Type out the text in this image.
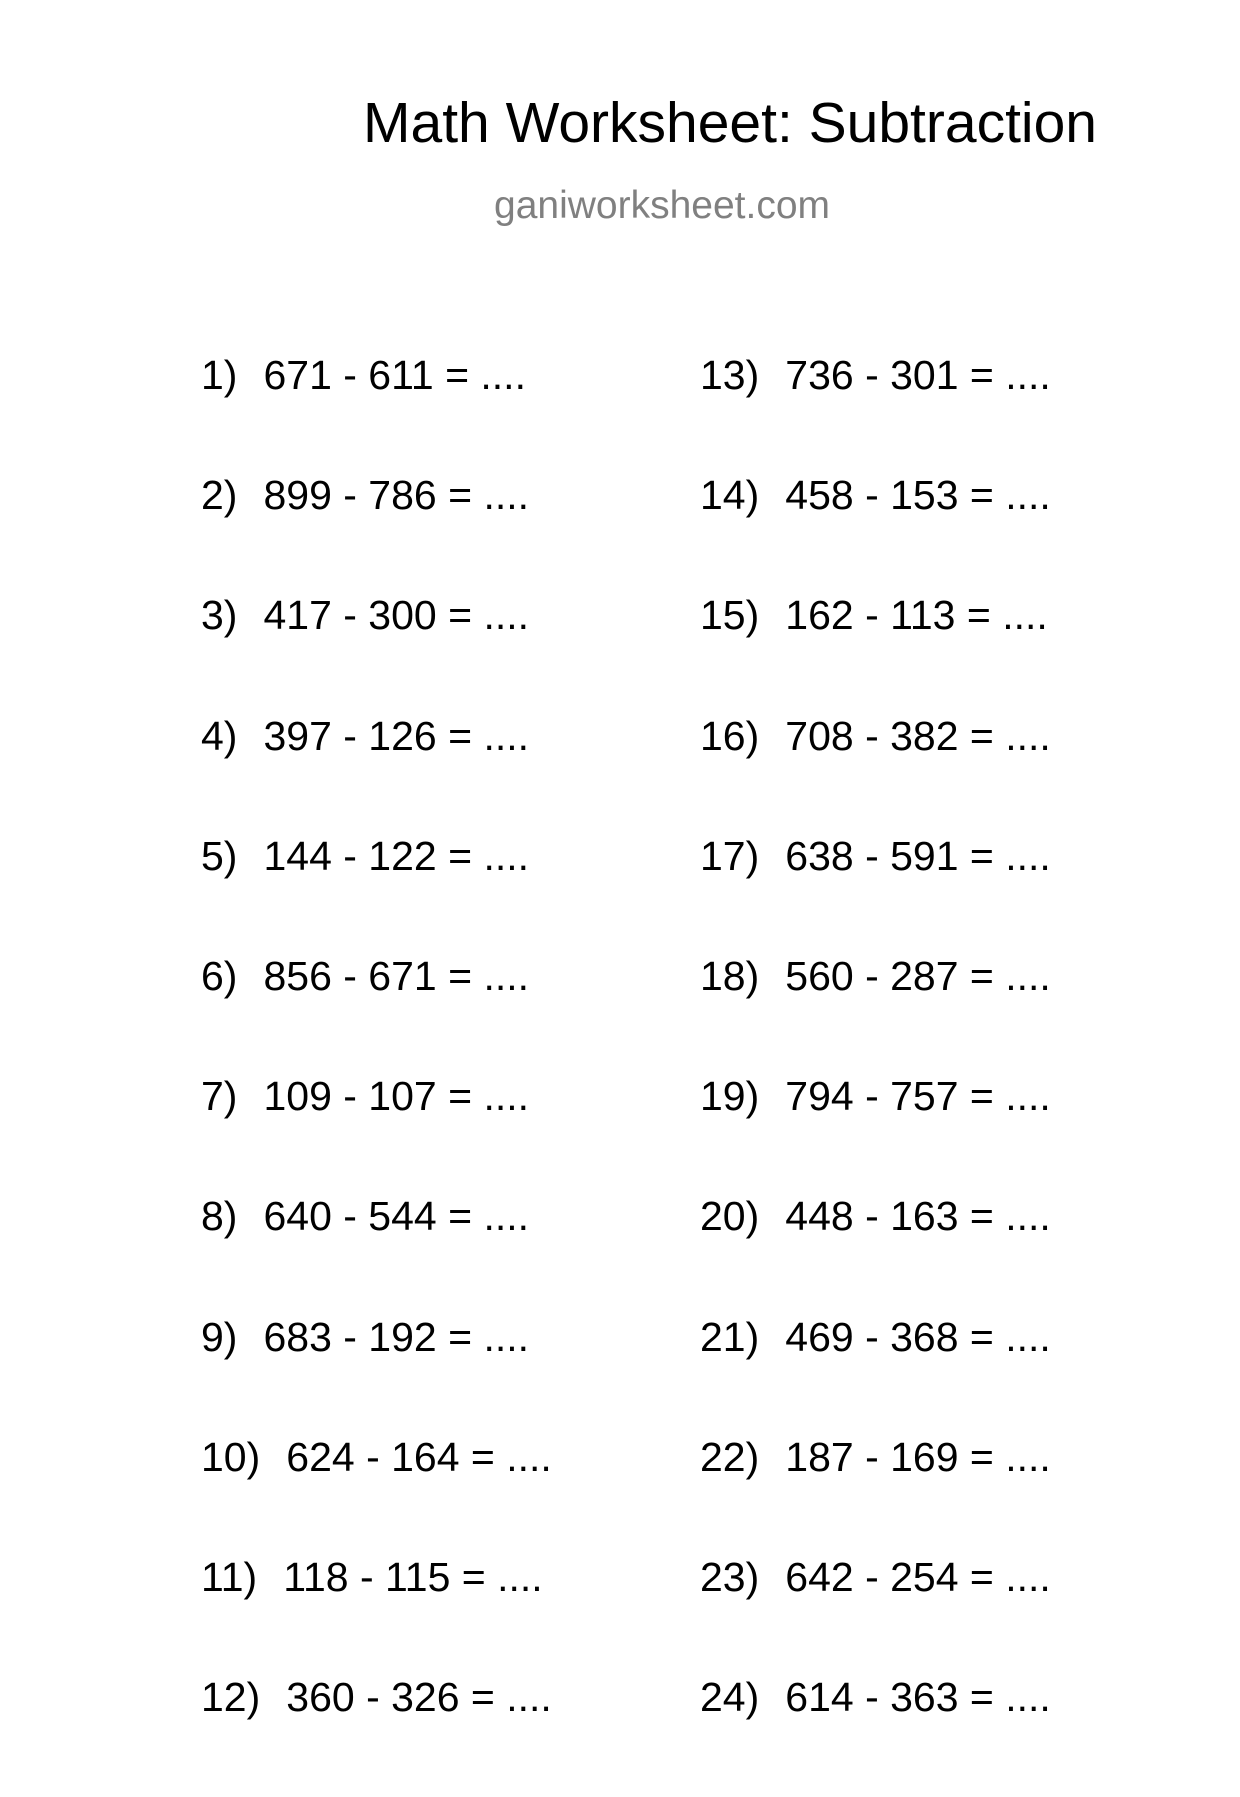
Math Worksheet: Subtraction
ganiworksheet.com
1) 671 - 611 = ....
2) 899 - 786 = ....
3) 417 - 300 = ....
4) 397 - 126 = ....
5) 144 - 122 = ....
6) 856 - 671 = ....
7) 109 - 107 = ....
8) 640 - 544 = ....
9) 683 - 192 = ....
10) 624 - 164 = ....
11) 118 - 115 = ....
12) 360 - 326 = ....
13) 736 - 301 = ....
14) 458 - 153 = ....
15) 162 - 113 = ....
16) 708 - 382 = ....
17) 638 - 591 = ....
18) 560 - 287 = ....
19) 794 - 757 = ....
20) 448 - 163 = ....
21) 469 - 368 = ....
22) 187 - 169 = ....
23) 642 - 254 = ....
24) 614 - 363 = ....
